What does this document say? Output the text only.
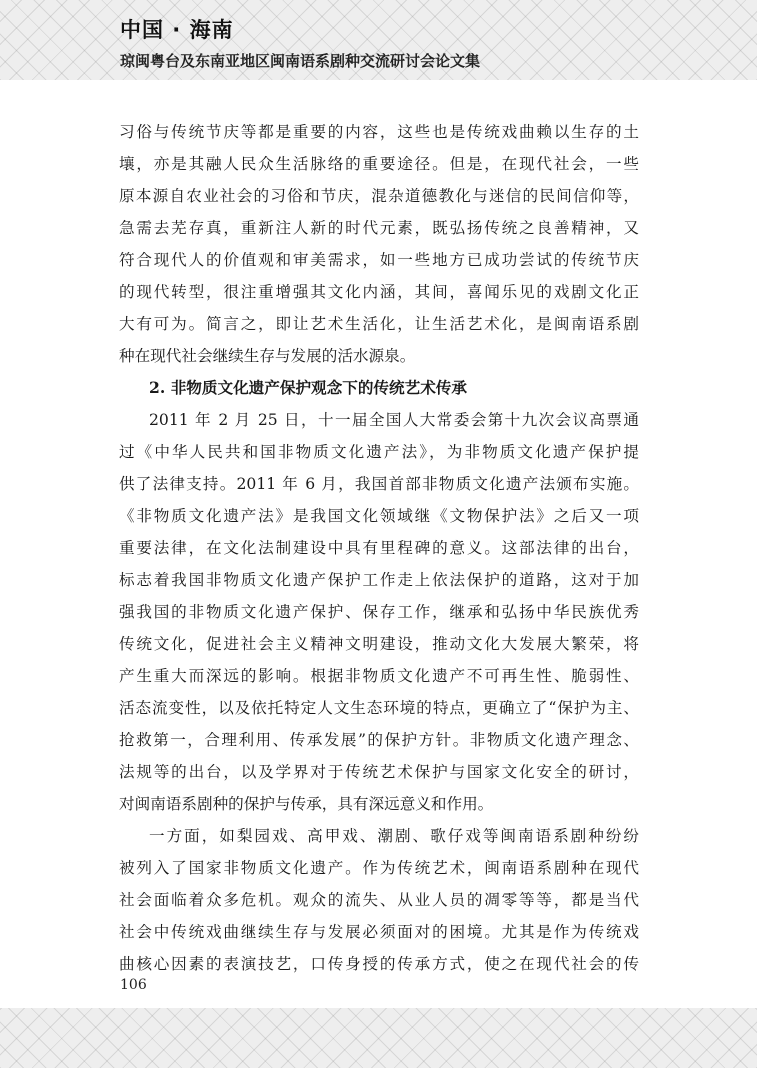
中国 · 海南
琼闽粤台及东南亚地区闽南语系剧种交流研讨会论文集
习俗与传统节庆等都是重要的内容，这些也是传统戏曲赖以生存的土
壤，亦是其融人民众生活脉络的重要途径。但是，在现代社会，一些
原本源自农业社会的习俗和节庆，混杂道德教化与迷信的民间信仰等，
急需去芜存真，重新注人新的时代元素，既弘扬传统之良善精神，又
符合现代人的价值观和审美需求，如一些地方已成功尝试的传统节庆
的现代转型，很注重增强其文化内涵，其间，喜闻乐见的戏剧文化正
大有可为。简言之，即让艺术生活化，让生活艺术化，是闽南语系剧
种在现代社会继续生存与发展的活水源泉。
2. 非物质文化遗产保护观念下的传统艺术传承
2011 年 2 月 25 日，十一届全国人大常委会第十九次会议高票通
过《中华人民共和国非物质文化遗产法》，为非物质文化遗产保护提
供了法律支持。2011 年 6 月，我国首部非物质文化遗产法颁布实施。
《非物质文化遗产法》是我国文化领域继《文物保护法》之后又一项
重要法律，在文化法制建设中具有里程碑的意义。这部法律的出台，
标志着我国非物质文化遗产保护工作走上依法保护的道路，这对于加
强我国的非物质文化遗产保护、保存工作，继承和弘扬中华民族优秀
传统文化，促进社会主义精神文明建设，推动文化大发展大繁荣，将
产生重大而深远的影响。根据非物质文化遗产不可再生性、脆弱性、
活态流变性，以及依托特定人文生态环境的特点，更确立了“保护为主、
抢救第一，合理利用、传承发展”的保护方针。非物质文化遗产理念、
法规等的出台，以及学界对于传统艺术保护与国家文化安全的研讨，
对闽南语系剧种的保护与传承，具有深远意义和作用。
一方面，如梨园戏、高甲戏、潮剧、歌仔戏等闽南语系剧种纷纷
被列入了国家非物质文化遗产。作为传统艺术，闽南语系剧种在现代
社会面临着众多危机。观众的流失、从业人员的凋零等等，都是当代
社会中传统戏曲继续生存与发展必须面对的困境。尤其是作为传统戏
曲核心因素的表演技艺，口传身授的传承方式，使之在现代社会的传
106
